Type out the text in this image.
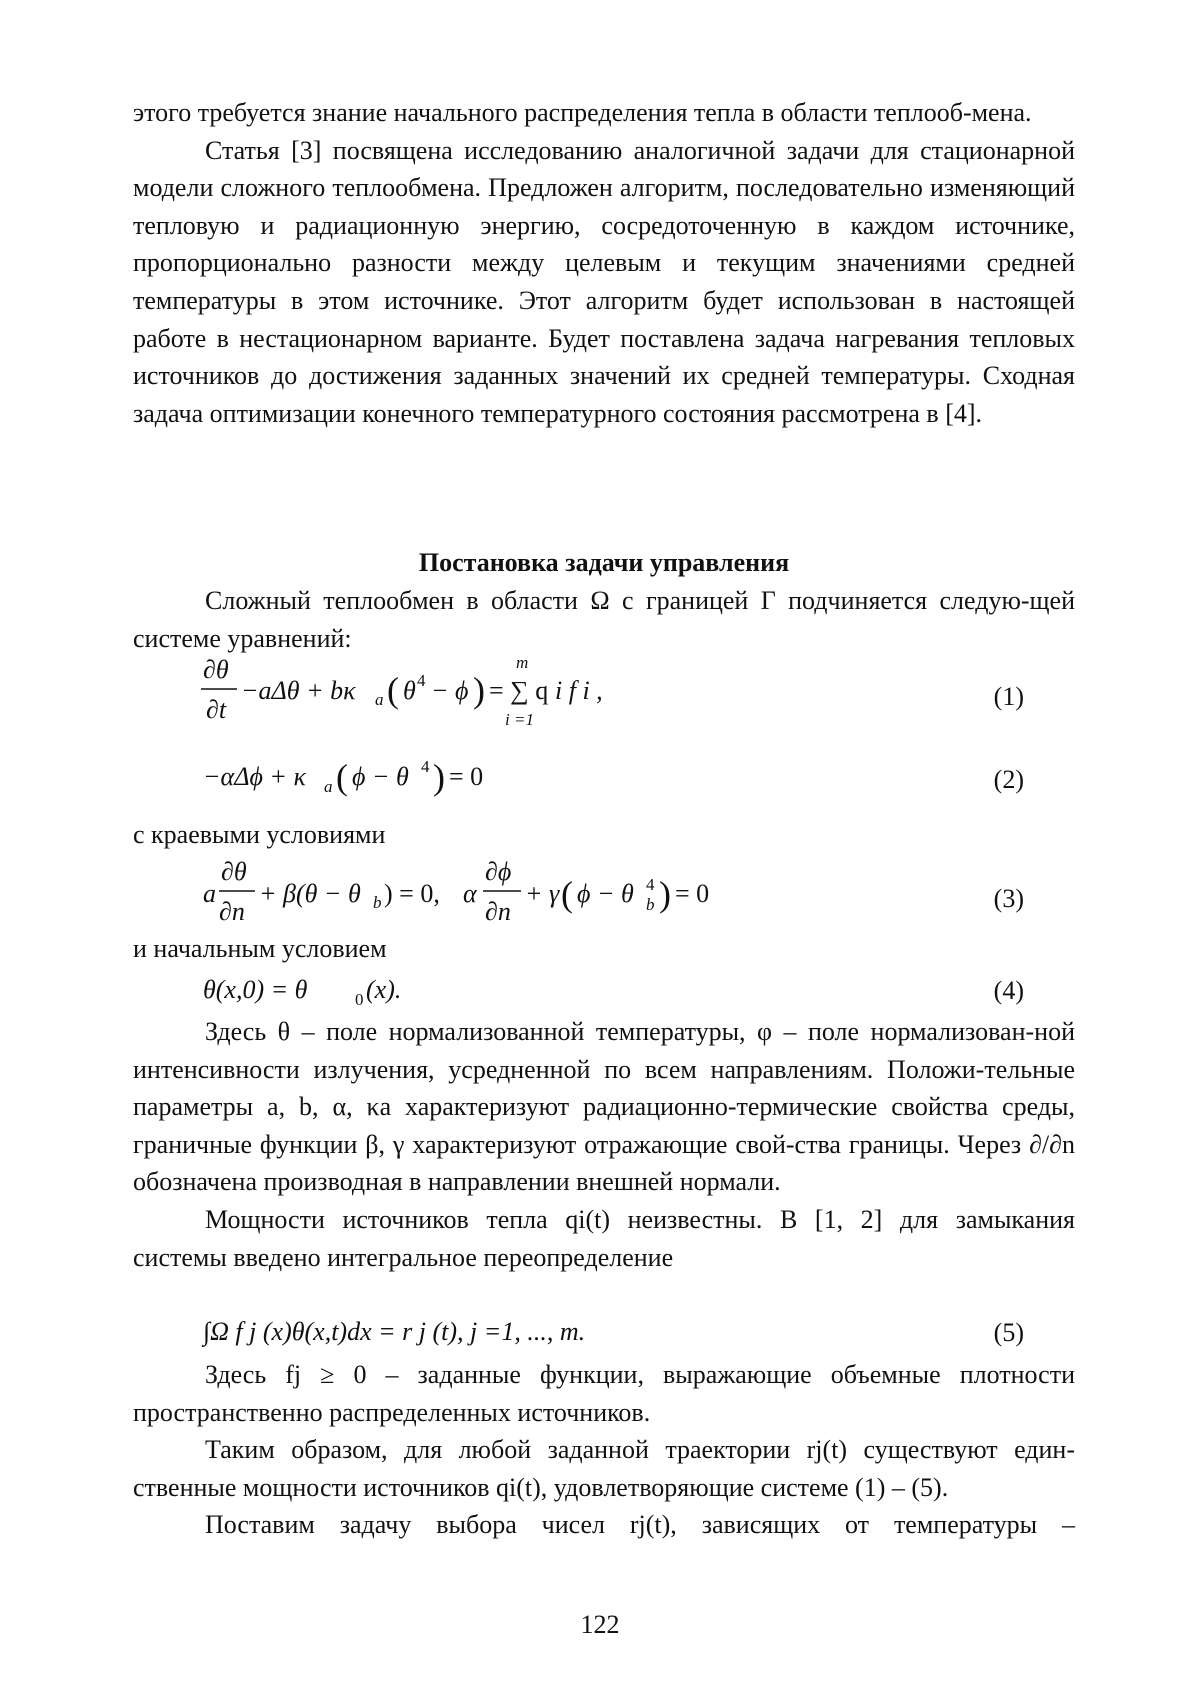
этого требуется знание начального распределения тепла в области теплооб-мена.

Статья [3] посвящена исследованию аналогичной задачи для стационарной модели сложного теплообмена. Предложен алгоритм, последовательно изменяющий тепловую и радиационную энергию, сосредоточенную в каждом источнике, пропорционально разности между целевым и текущим значениями средней температуры в этом источнике. Этот алгоритм будет использован в настоящей работе в нестационарном варианте. Будет поставлена задача нагревания тепловых источников до достижения заданных значений их средней температуры. Сходная задача оптимизации конечного температурного состояния рассмотрена в [4].

Постановка задачи управления

Сложный теплообмен в области Ω с границей Γ подчиняется следую-щей системе уравнений:

∂θ
∂t
−aΔθ + bκ a ( θ 4 − ϕ ) = ∑ q
m
i =1
i f i ,	(1)
−αΔϕ + κ a ( ϕ − θ 4 ) = 0	(2)
с краевыми условиями
a
∂θ
∂n
+ β(θ − θ b ) = 0, α
∂ϕ
∂n
+ γ ( ϕ − θ 4
b ) = 0	(3)
и начальным условием
θ(x,0) = θ	0 (x).	(4)

Здесь θ – поле нормализованной температуры, φ – поле нормализован-ной интенсивности излучения, усредненной по всем направлениям. Положи-тельные параметры a, b, α, κa характеризуют радиационно-термические свойства среды, граничные функции β, γ характеризуют отражающие свой-ства границы. Через ∂/∂n обозначена производная в направлении внешней нормали.

Мощности источников тепла qi(t) неизвестны. В [1, 2] для замыкания системы введено интегральное переопределение

∫Ω f j (x)θ(x,t)dx = r j (t), j =1, ..., m.	(5)

Здесь fj ≥ 0 – заданные функции, выражающие объемные плотности пространственно распределенных источников.

Таким образом, для любой заданной траектории rj(t) существуют един-ственные мощности источников qi(t), удовлетворяющие системе (1) – (5).

Поставим задачу выбора чисел rj(t), зависящих от температуры –

122
